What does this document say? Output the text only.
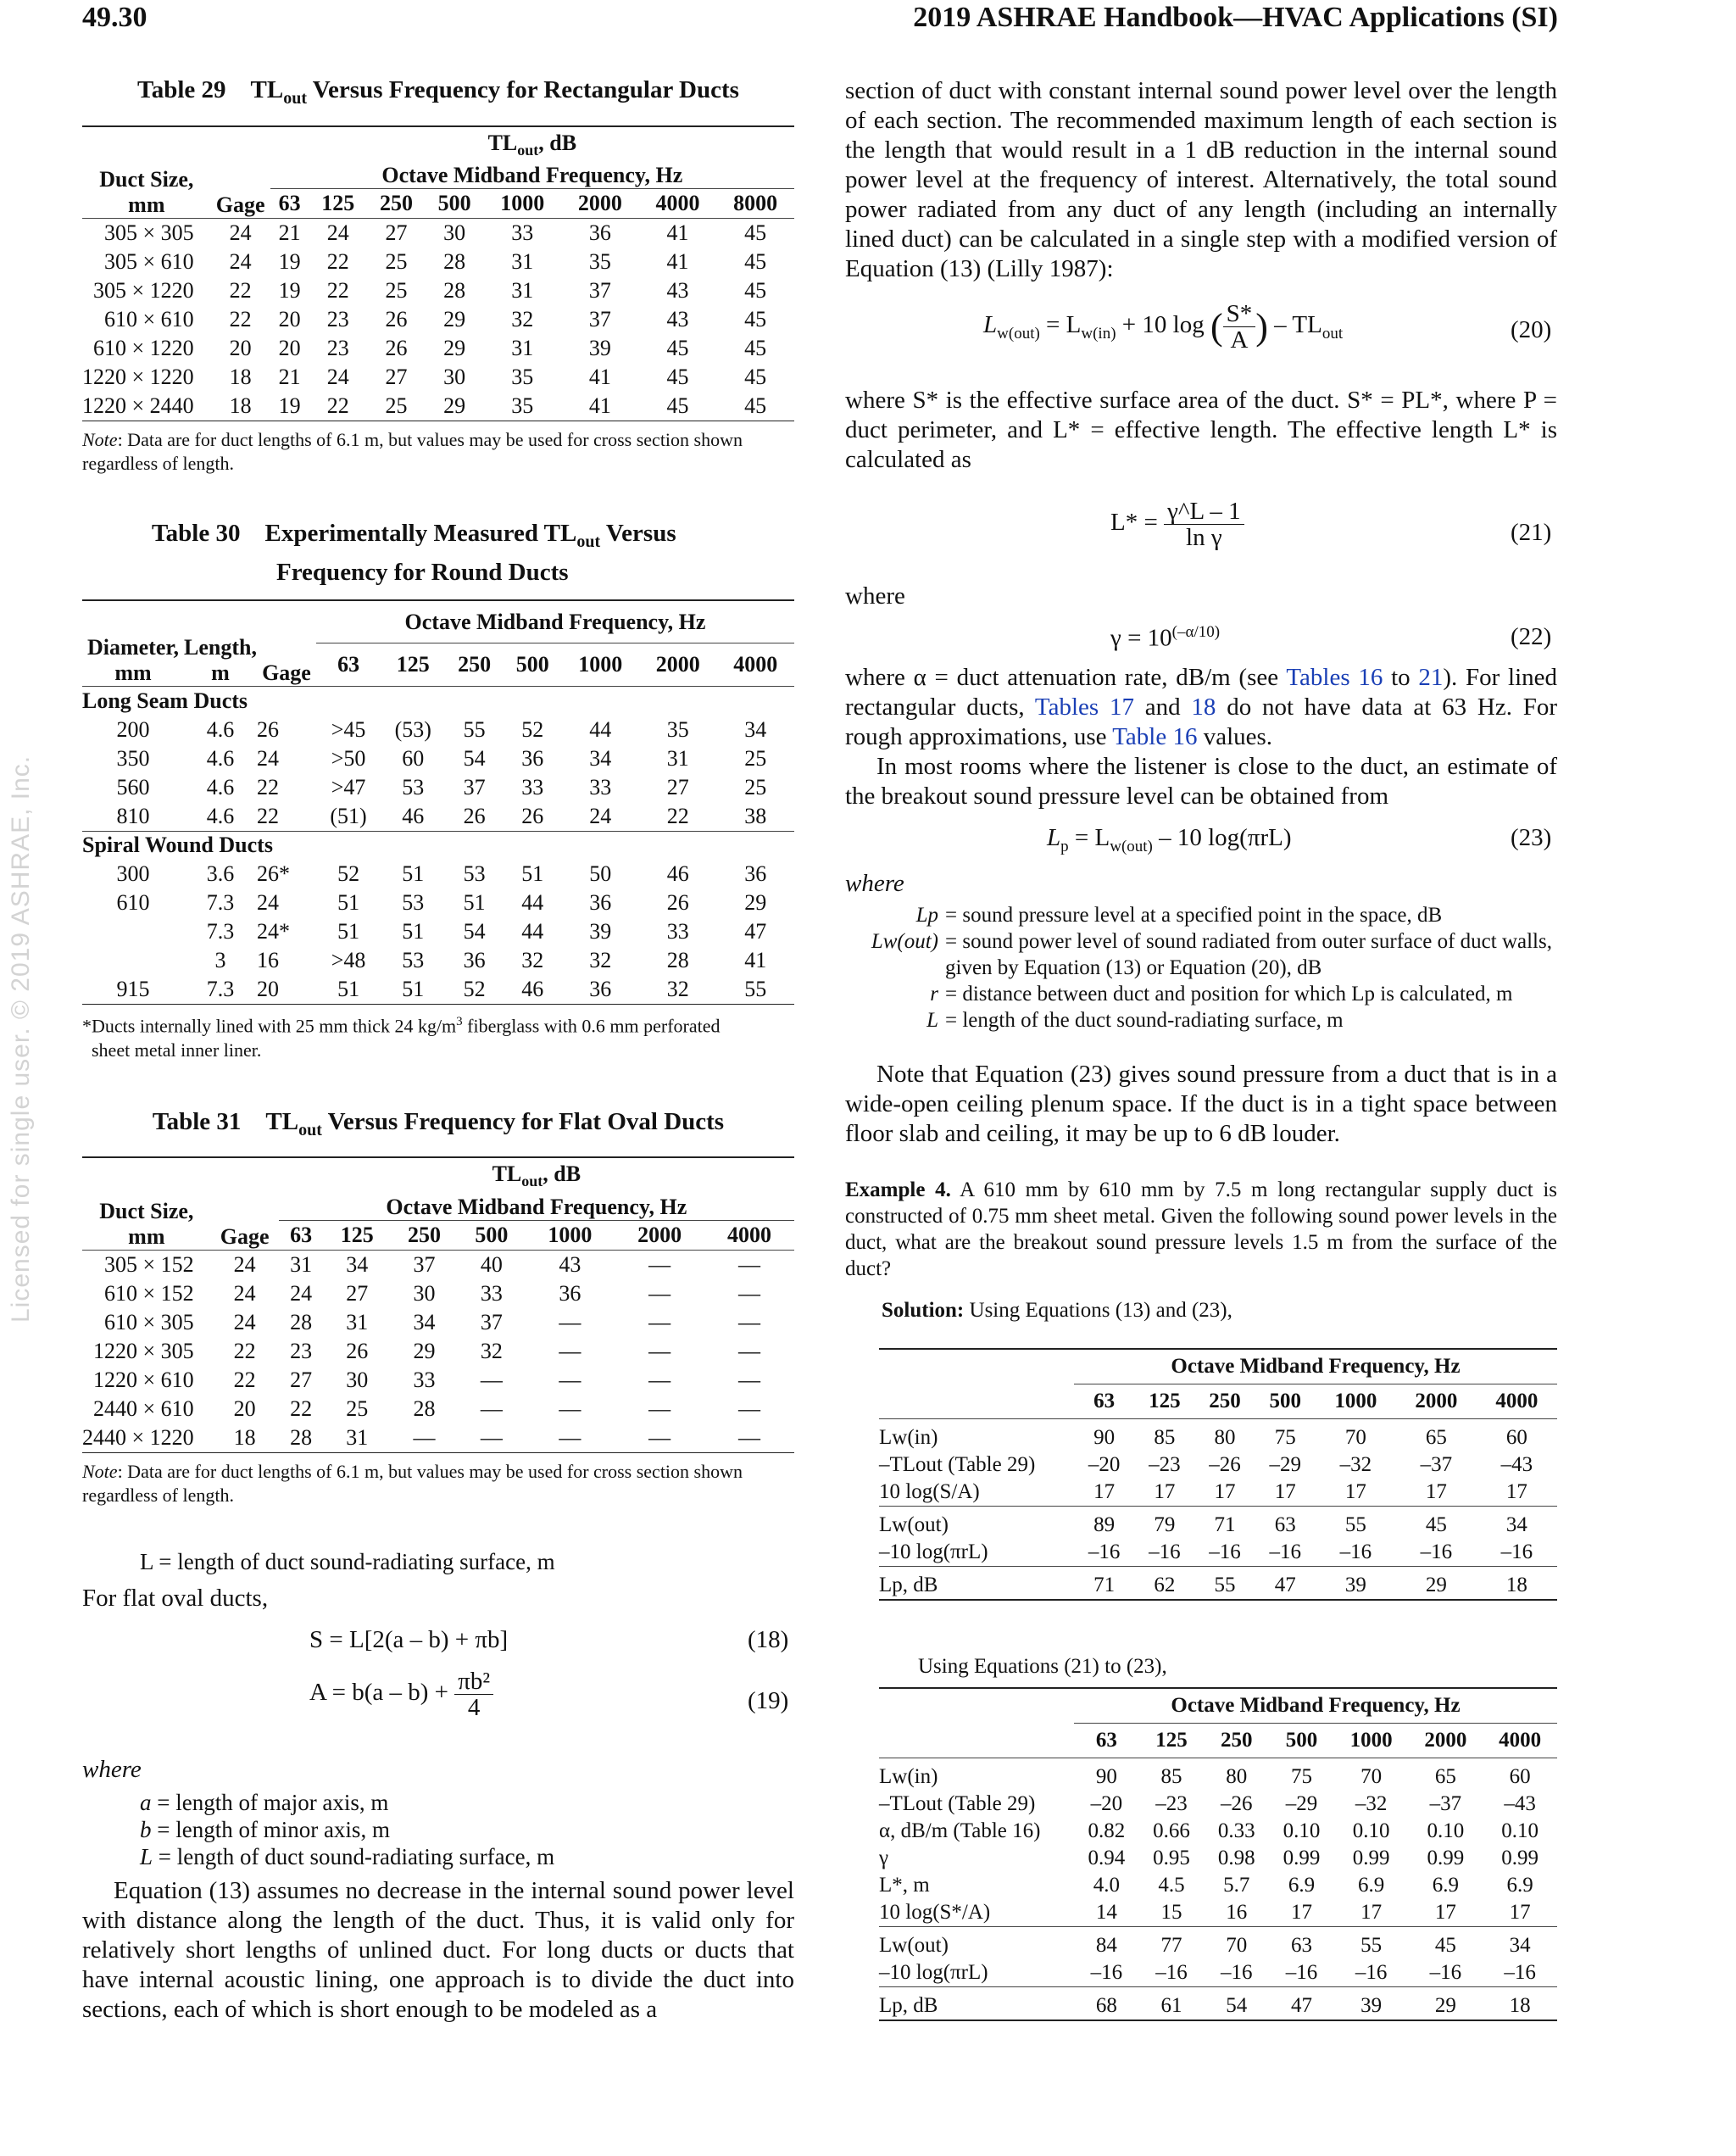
49.30	2019 ASHRAE Handbook—HVAC Applications (SI)
Licensed for single user. © 2019 ASHRAE, Inc.
Table 29 $TL_{out}$ Versus Frequency for Rectangular Ducts
Duct Size,
mm	Gage	$TL_{out}$, dB
Octave Midband Frequency, Hz							
		63	125	250	500	1000	2000	4000	8000
305 × 305	24	21	24	27	30	33	36	41	45
305 × 610	24	19	22	25	28	31	35	41	45
305 × 1220	22	19	22	25	28	31	37	43	45
610 × 610	22	20	23	26	29	32	37	43	45
610 × 1220	20	20	23	26	29	31	39	45	45
1220 × 1220	18	21	24	27	30	35	41	45	45
1220 × 2440	18	19	22	25	29	35	41	45	45
Note: Data are for duct lengths of 6.1 m, but values may be used for cross section shown regardless of length.
Table 30 Experimentally Measured $TL_{out}$ Versus
Frequency for Round Ducts
Diameter,
mm	Length,
m	Gage	Octave Midband Frequency, Hz						
			63	125	250	500	1000	2000	4000
Long Seam Ducts									
200	4.6	26	>45	(53)	55	52	44	35	34
350	4.6	24	>50	60	54	36	34	31	25
560	4.6	22	>47	53	37	33	33	27	25
810	4.6	22	(51)	46	26	26	24	22	38

Spiral Wound Ducts									
300	3.6	26*	52	51	53	51	50	46	36
610	7.3	24	51	53	51	44	36	26	29
	7.3	24*	51	51	54	44	39	33	47
	3	16	>48	53	36	32	32	28	41
915	7.3	20	51	51	52	46	36	32	55
*Ducts internally lined with 25 mm thick 24 $kg/m^3$ fiberglass with 0.6 mm perforated
sheet metal inner liner.
Table 31 $TL_{out}$ Versus Frequency for Flat Oval Ducts
Duct Size,
mm	Gage	$TL_{out}$, dB
Octave Midband Frequency, Hz						
		63	125	250	500	1000	2000	4000
305 × 152	24	31	34	37	40	43	—	—
610 × 152	24	24	27	30	33	36	—	—
610 × 305	24	28	31	34	37	—	—	—
1220 × 305	22	23	26	29	32	—	—	—
1220 × 610	22	27	30	33	—	—	—	—
2440 × 610	20	22	25	28	—	—	—	—
2440 × 1220	18	28	31	—	—	—	—	—
Note: Data are for duct lengths of 6.1 m, but values may be used for cross section shown regardless of length.
L = length of duct sound-radiating surface, m
For flat oval ducts,
S = L[2(a – b) + πb]	(18)
$A = b(a - b) + \frac{\text{πb²}}{4}$	(19)
where
a = length of major axis, m
b = length of minor axis, m
L = length of duct sound-radiating surface, m
Equation (13) assumes no decrease in the internal sound power level with distance along the length of the duct. Thus, it is valid only for relatively short lengths of unlined duct. For long ducts or ducts that have internal acoustic lining, one approach is to divide the duct into sections, each of which is short enough to be modeled as a
section of duct with constant internal sound power level over the length of each section. The recommended maximum length of each section is the length that would result in a 1 dB reduction in the internal sound power level at the frequency of interest. Alternatively, the total sound power radiated from any duct of any length (including an internally lined duct) can be calculated in a single step with a modified version of Equation (13) (Lilly 1987):
$L_{w(out)} = L_{w(in)} + 10$ log ( $\frac{S*}{A}$ ) – $TL_{out}$	(20)
where S* is the effective surface area of the duct. S* = PL*, where P = duct perimeter, and L* = effective length. The effective length L* is calculated as
$L* = \frac{\gamma\^{}L - 1}{\text{ln γ}}$	(21)
where
$\gamma = 10^{(-\alpha/10)}$	(22)
where α = duct attenuation rate, dB/m (see Tables 16 to 21). For lined rectangular ducts, Tables 17 and 18 do not have data at 63 Hz. For rough approximations, use Table 16 values.
In most rooms where the listener is close to the duct, an estimate of the breakout sound pressure level can be obtained from
$L_p = L_{w(out)} - 10$ log(πrL)	(23)
where
Lp = sound pressure level at a specified point in the space, dB
Lw(out) = sound power level of sound radiated from outer surface of duct walls, given by Equation (13) or Equation (20), dB
r = distance between duct and position for which Lp is calculated, m
L = length of the duct sound-radiating surface, m
Note that Equation (23) gives sound pressure from a duct that is in a wide-open ceiling plenum space. If the duct is in a tight space between floor slab and ceiling, it may be up to 6 dB louder.
Example 4. A 610 mm by 610 mm by 7.5 m long rectangular supply duct is constructed of 0.75 mm sheet metal. Given the following sound power levels in the duct, what are the breakout sound pressure levels 1.5 m from the surface of the duct?
Solution: Using Equations (13) and (23),
	Octave Midband Frequency, Hz						
	63	125	250	500	1000	2000	4000
Lw(in)	90	85	80	75	70	65	60
–TLout (Table 29)	–20	–23	–26	–29	–32	–37	–43
10 log(S/A)	17	17	17	17	17	17	17
Lw(out)	89	79	71	63	55	45	34
–10 log(πrL)	–16	–16	–16	–16	–16	–16	–16
Lp, dB	71	62	55	47	39	29	18
Using Equations (21) to (23),
	Octave Midband Frequency, Hz						
	63	125	250	500	1000	2000	4000
Lw(in)	90	85	80	75	70	65	60
–TLout (Table 29)	–20	–23	–26	–29	–32	–37	–43
α, dB/m (Table 16)	0.82	0.66	0.33	0.10	0.10	0.10	0.10
γ	0.94	0.95	0.98	0.99	0.99	0.99	0.99
L*, m	4.0	4.5	5.7	6.9	6.9	6.9	6.9
10 log(S*/A)	14	15	16	17	17	17	17
Lw(out)	84	77	70	63	55	45	34
–10 log(πrL)	–16	–16	–16	–16	–16	–16	–16
Lp, dB	68	61	54	47	39	29	18
